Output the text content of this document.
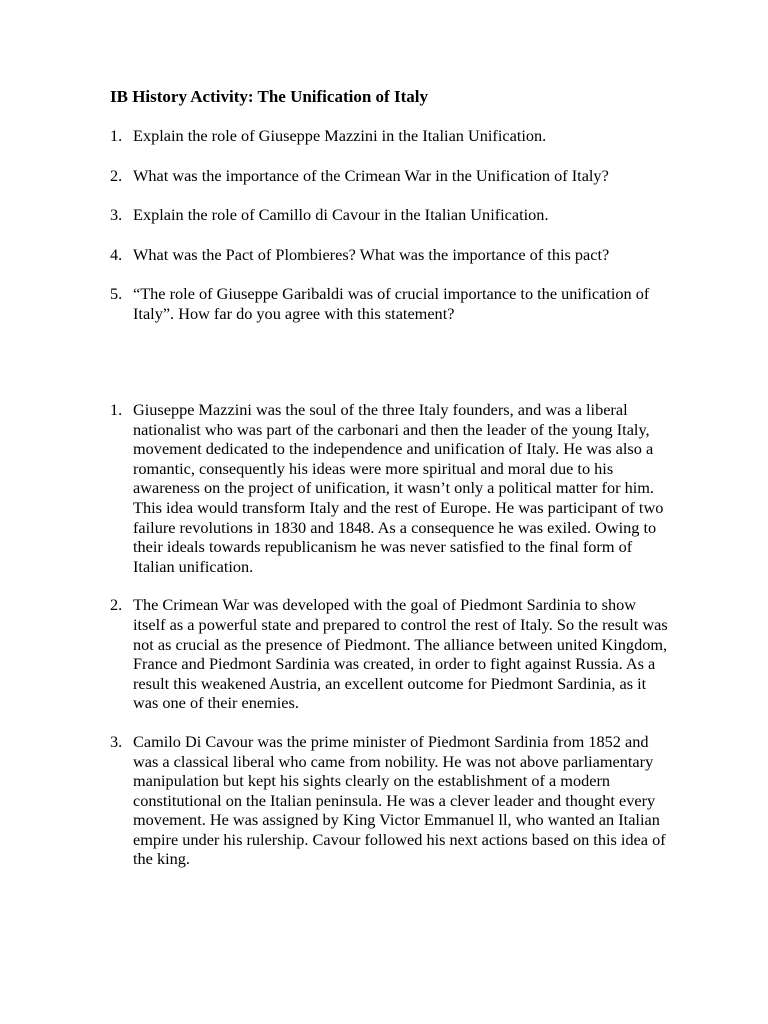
IB History Activity: The Unification of Italy
1. Explain the role of Giuseppe Mazzini in the Italian Unification.
2. What was the importance of the Crimean War in the Unification of Italy?
3. Explain the role of Camillo di Cavour in the Italian Unification.
4. What was the Pact of Plombieres? What was the importance of this pact?
5. “The role of Giuseppe Garibaldi was of crucial importance to the unification of Italy”. How far do you agree with this statement?
1. Giuseppe Mazzini was the soul of the three Italy founders, and was a liberal nationalist who was part of the carbonari and then the leader of the young Italy, movement dedicated to the independence and unification of Italy. He was also a romantic, consequently his ideas were more spiritual and moral due to his awareness on the project of unification, it wasn’t only a political matter for him. This idea would transform Italy and the rest of Europe. He was participant of two failure revolutions in 1830 and 1848. As a consequence he was exiled. Owing to their ideals towards republicanism he was never satisfied to the final form of Italian unification.
2. The Crimean War was developed with the goal of Piedmont Sardinia to show itself as a powerful state and prepared to control the rest of Italy. So the result was not as crucial as the presence of Piedmont. The alliance between united Kingdom, France and Piedmont Sardinia was created, in order to fight against Russia. As a result this weakened Austria, an excellent outcome for Piedmont Sardinia, as it was one of their enemies.
3. Camilo Di Cavour was the prime minister of Piedmont Sardinia from 1852 and was a classical liberal who came from nobility. He was not above parliamentary manipulation but kept his sights clearly on the establishment of a modern constitutional on the Italian peninsula. He was a clever leader and thought every movement. He was assigned by King Victor Emmanuel ll, who wanted an Italian empire under his rulership. Cavour followed his next actions based on this idea of the king.
